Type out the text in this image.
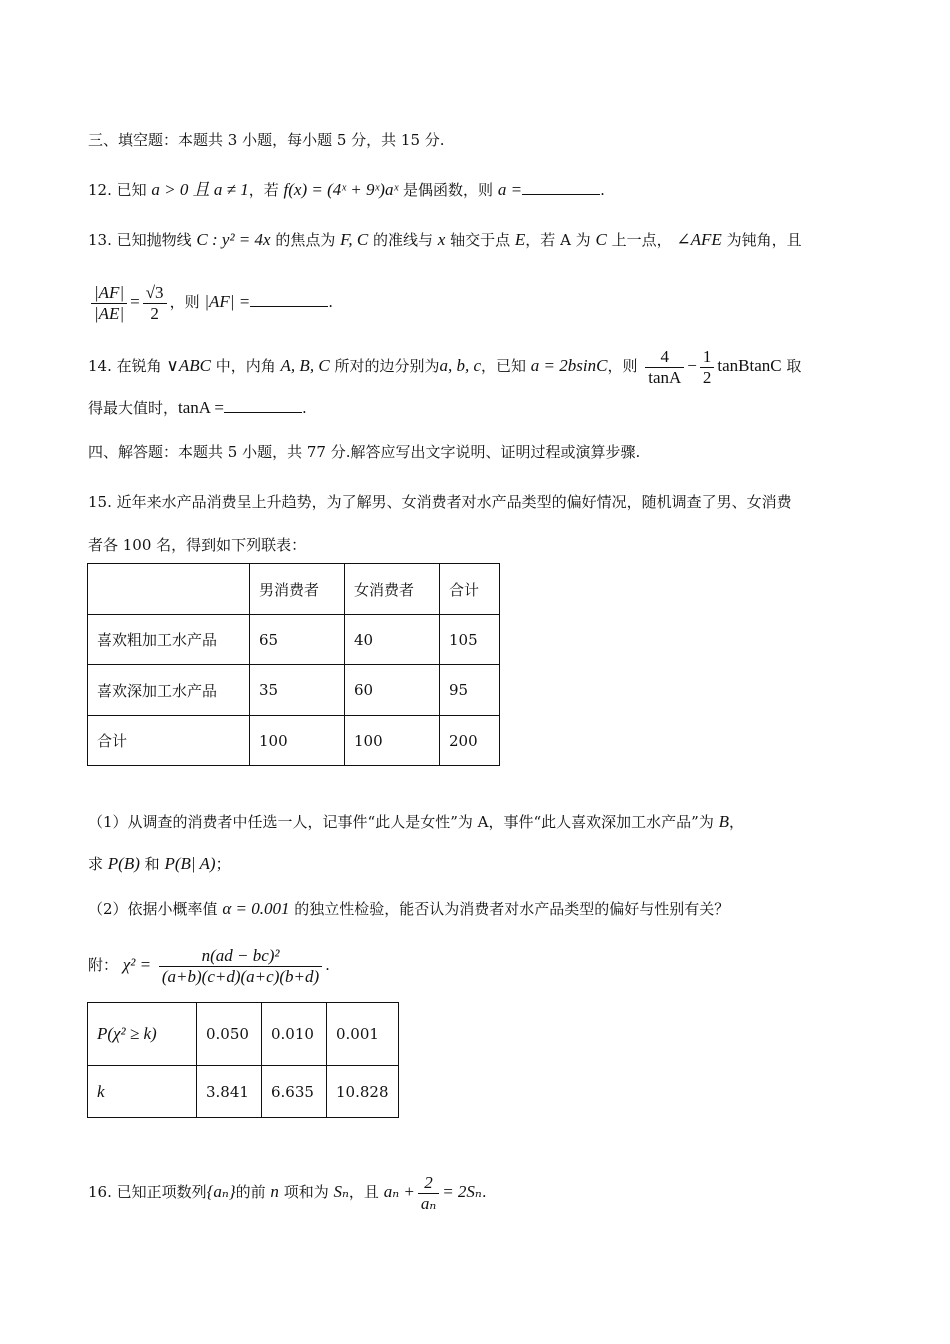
三、填空题：本题共 3 小题，每小题 5 分，共 15 分.
12. 已知 a > 0 且 a ≠ 1，若 f(x) = (4ˣ + 9ˣ)aˣ 是偶函数，则 a =	.
13. 已知抛物线 C : y² = 4x 的焦点为 F, C 的准线与 x 轴交于点 E，若 A 为 C 上一点， ∠AFE 为钝角，且
$\frac{|AF|}{|AE|} = \frac{√3}{2}$ ，则 |AF| =	.
14. 在锐角 ∨ABC 中，内角 A, B, C 所对的边分别为a, b, c，已知 a = 2bsinC，则 $\frac{4}{\tan A} - \frac{1}{2}$ tanBtanC 取
得最大值时，tanA =	.
四、解答题：本题共 5 小题，共 77 分.解答应写出文字说明、证明过程或演算步骤.
15. 近年来水产品消费呈上升趋势，为了解男、女消费者对水产品类型的偏好情况，随机调查了男、女消费
者各 100 名，得到如下列联表：
	男消费者	女消费者	合计
喜欢粗加工水产品	65	40	105
喜欢深加工水产品	35	60	95
合计	100	100	200
（1）从调查的消费者中任选一人，记事件“此人是女性”为 A，事件“此人喜欢深加工水产品”为 B，
求 P(B) 和 P(B| A)；
（2）依据小概率值 α = 0.001 的独立性检验，能否认为消费者对水产品类型的偏好与性别有关？
附： $\chi^2 = \frac{\text{n(ad − bc)²}}{(a+b)(c+d)(a+c)(b+d)}$ .
P(χ² ≥ k)	0.050	0.010	0.001
k	3.841	6.635	10.828
16. 已知正项数列{aₙ}的前 n 项和为 Sₙ，且 $a_n + \frac{2}{\text{aₙ}} = 2S_n$.
